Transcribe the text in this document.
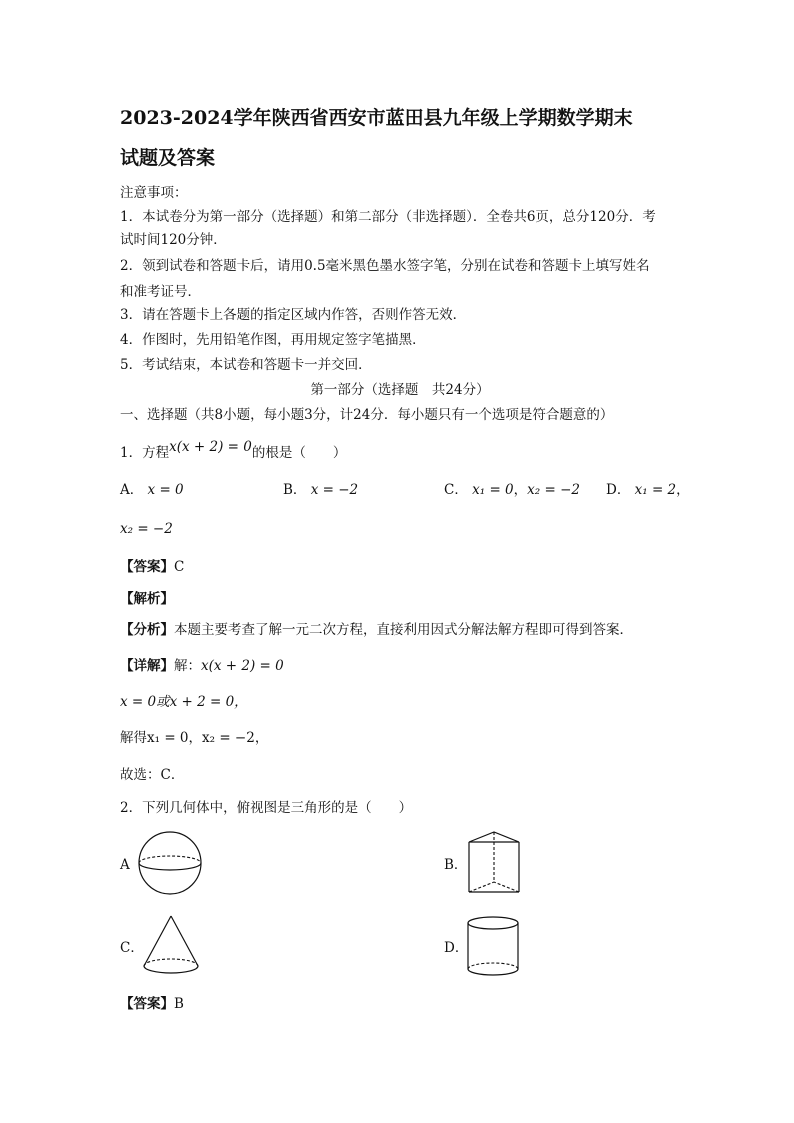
2023-2024学年陕西省西安市蓝田县九年级上学期数学期末
试题及答案
注意事项：
1．本试卷分为第一部分（选择题）和第二部分（非选择题）．全卷共6页，总分120分．考
试时间120分钟．
2．领到试卷和答题卡后，请用0.5毫米黑色墨水签字笔，分别在试卷和答题卡上填写姓名
和准考证号．
3．请在答题卡上各题的指定区域内作答，否则作答无效．
4．作图时，先用铅笔作图，再用规定签字笔描黑．
5．考试结束，本试卷和答题卡一并交回．
第一部分（选择题　共24分）
一、选择题（共8小题，每小题3分，计24分．每小题只有一个选项是符合题意的）
1．方程x(x + 2) = 0的根是（　　）
A． x = 0	B． x = −2	C． x₁ = 0，x₂ = −2 D． x₁ = 2，
x₂ = −2
【答案】C
【解析】
【分析】本题主要考查了解一元二次方程，直接利用因式分解法解方程即可得到答案．
【详解】解：x(x + 2) = 0
x = 0或x + 2 = 0，
解得x₁ = 0，x₂ = −2，
故选：C．
2．下列几何体中，俯视图是三角形的是（　　）
A	B．
C．	D．
【答案】B
